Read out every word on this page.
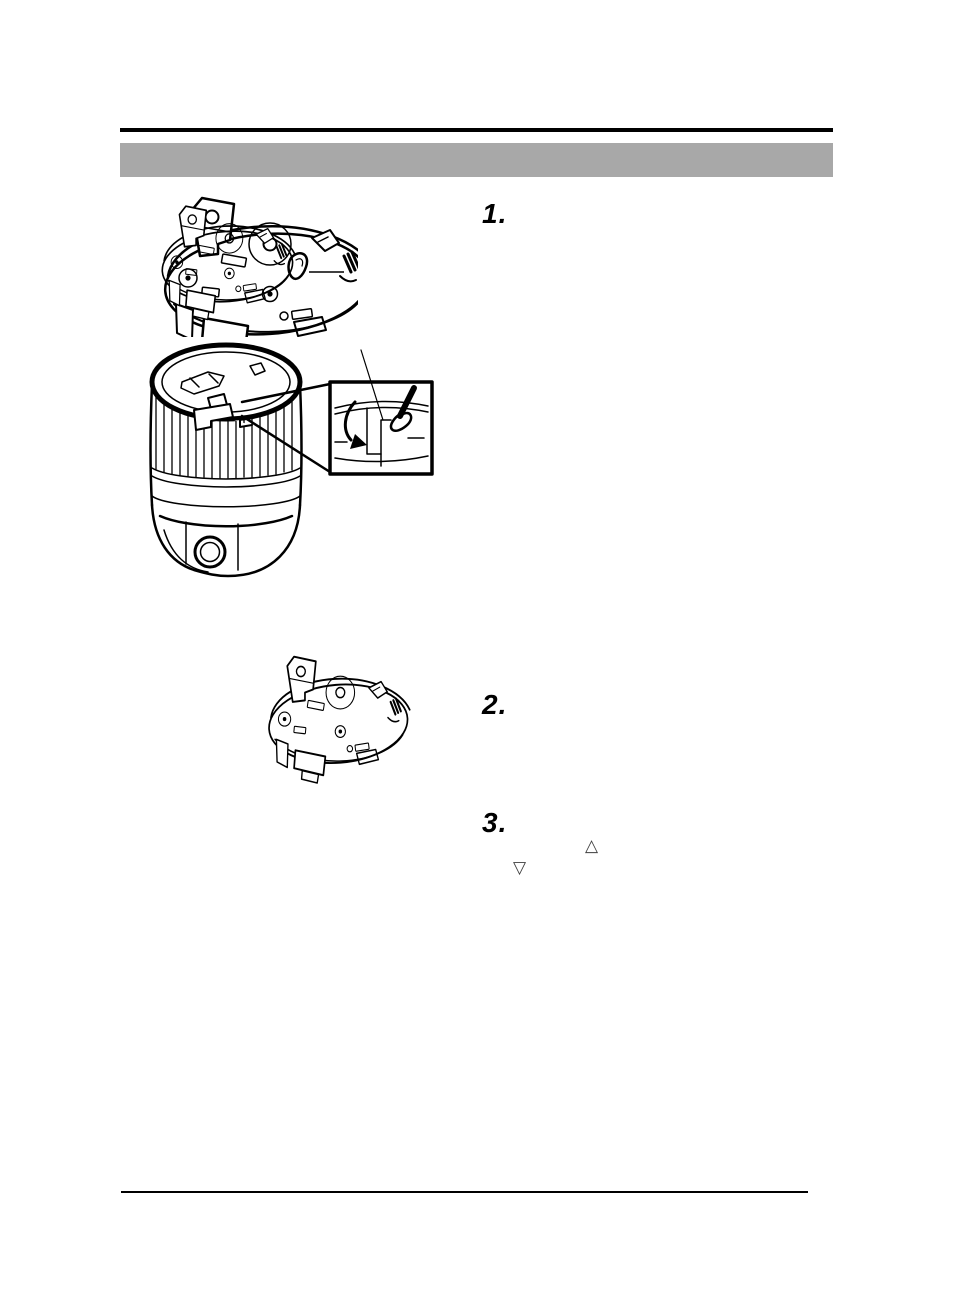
1.
2.
3.
△
▽
